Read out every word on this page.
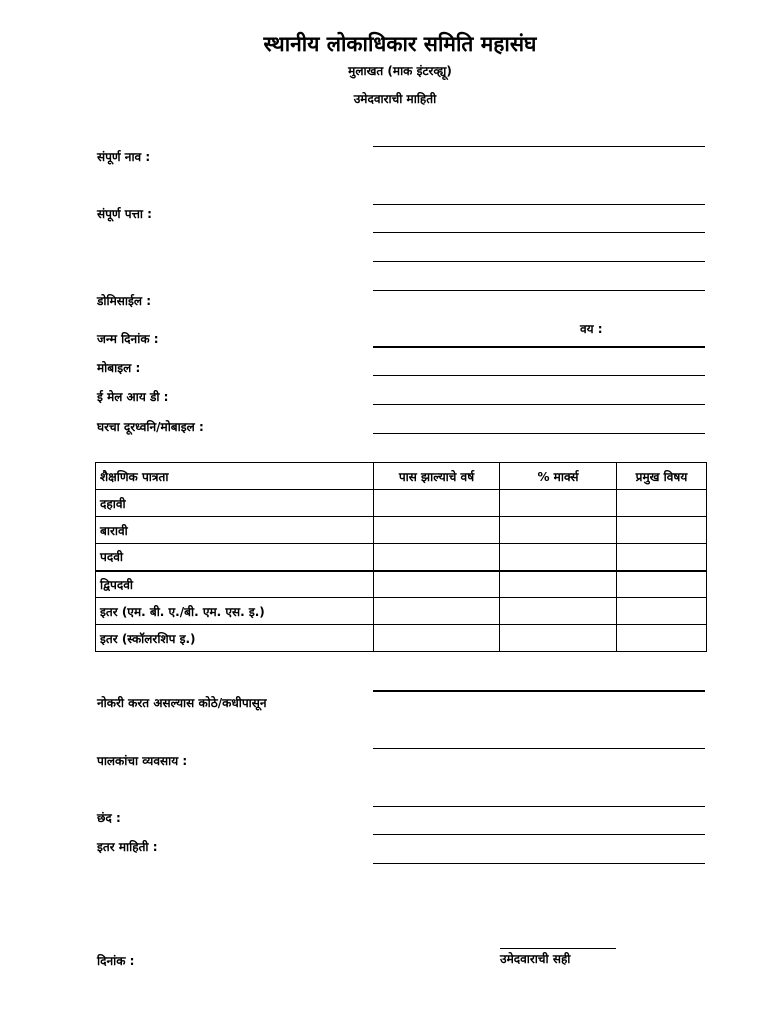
स्थानीय लोकाधिकार समिति महासंघ
मुलाखत (माक इंटरव्ह्यू)
उमेदवाराची माहिती
संपूर्ण नाव :
संपूर्ण पत्ता :
डोमिसाईल :
वय :
जन्म दिनांक :
मोबाइल :
ई मेल आय डी :
घरचा दूरध्वनि/मोबाइल :
शैक्षणिक पात्रता	पास झाल्याचे वर्ष	% मार्क्स	प्रमुख विषय
दहावी			
बारावी			
पदवी			
द्विपदवी			
इतर (एम. बी. ए./बी. एम. एस. इ.)			
इतर (स्कॉलरशिप इ.)			
नोकरी करत असल्यास कोठे/कधीपासून
पालकांचा व्यवसाय :
छंद :
इतर माहिती :
दिनांक :	उमेदवाराची सही
